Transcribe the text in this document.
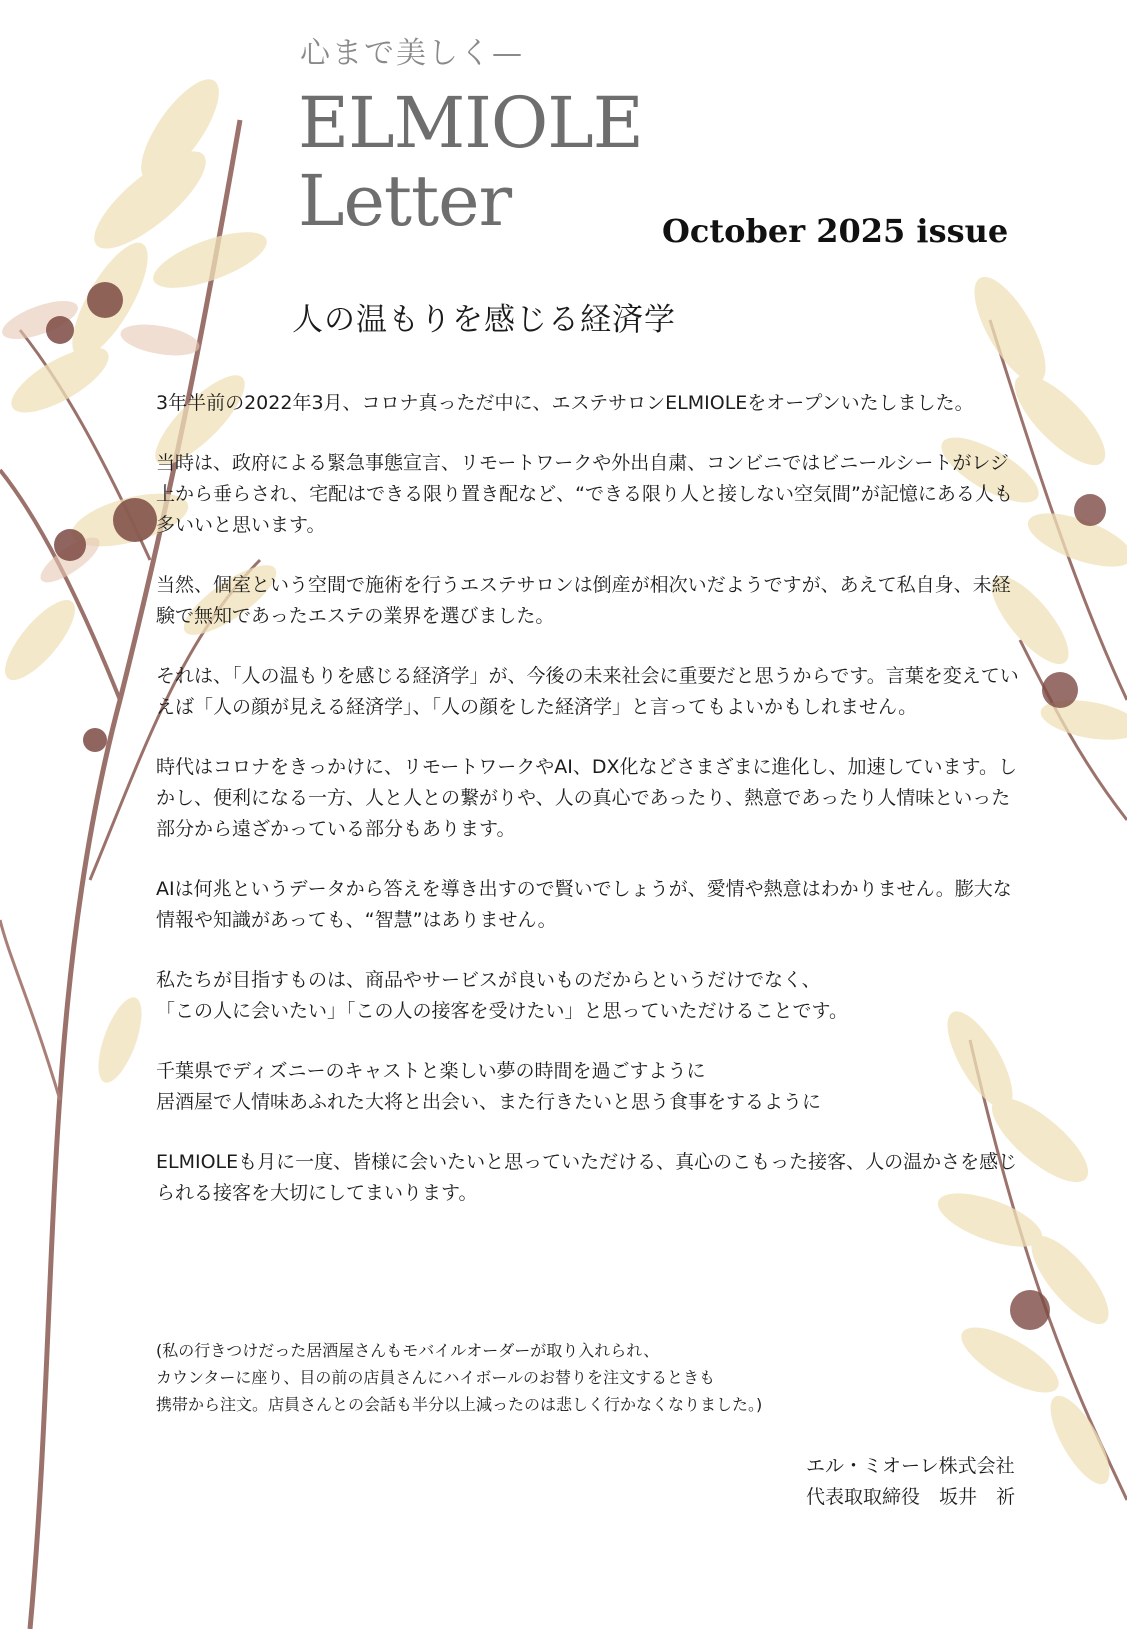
心まで美しく—
ELMIOLE
Letter	October 2025 issue
人の温もりを感じる経済学

3年半前の2022年3月、コロナ真っただ中に、エステサロンELMIOLEをオープンいたしました。

当時は、政府による緊急事態宣言、リモートワークや外出自粛、コンビニではビニールシートがレジ上から垂らされ、宅配はできる限り置き配など、“できる限り人と接しない空気間”が記憶にある人も多いいと思います。

当然、個室という空間で施術を行うエステサロンは倒産が相次いだようですが、あえて私自身、未経験で無知であったエステの業界を選びました。

それは、「人の温もりを感じる経済学」が、今後の未来社会に重要だと思うからです。言葉を変えていえば「人の顔が見える経済学」、「人の顔をした経済学」と言ってもよいかもしれません。

時代はコロナをきっかけに、リモートワークやAI、DX化などさまざまに進化し、加速しています。しかし、便利になる一方、人と人との繋がりや、人の真心であったり、熱意であったり人情味といった部分から遠ざかっている部分もあります。

AIは何兆というデータから答えを導き出すので賢いでしょうが、愛情や熱意はわかりません。膨大な情報や知識があっても、“智慧”はありません。

私たちが目指すものは、商品やサービスが良いものだからというだけでなく、
「この人に会いたい」「この人の接客を受けたい」と思っていただけることです。

千葉県でディズニーのキャストと楽しい夢の時間を過ごすように
居酒屋で人情味あふれた大将と出会い、また行きたいと思う食事をするように

ELMIOLEも月に一度、皆様に会いたいと思っていただける、真心のこもった接客、人の温かさを感じられる接客を大切にしてまいります。

(私の行きつけだった居酒屋さんもモバイルオーダーが取り入れられ、
カウンターに座り、目の前の店員さんにハイボールのお替りを注文するときも
携帯から注文。店員さんとの会話も半分以上減ったのは悲しく行かなくなりました。)
エル・ミオーレ株式会社
代表取取締役　坂井　祈
